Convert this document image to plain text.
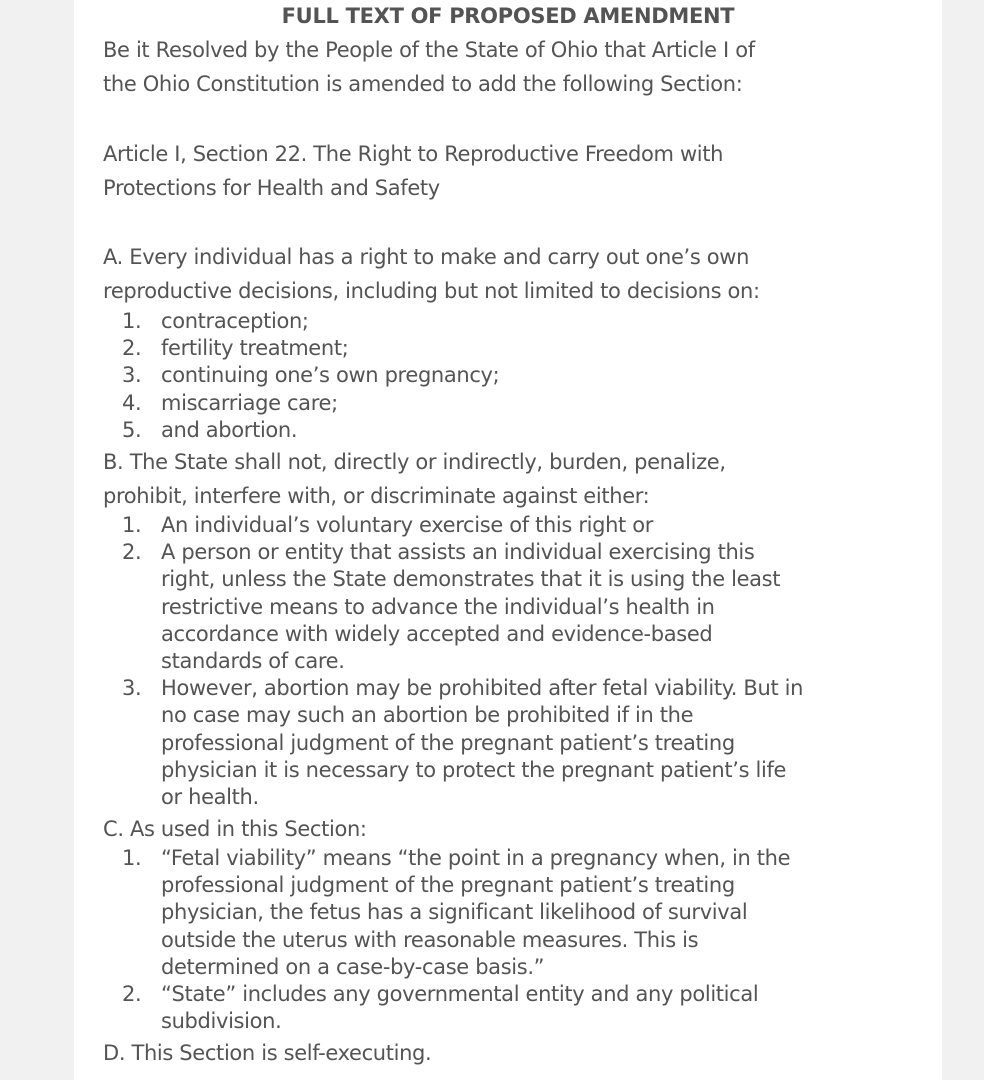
FULL TEXT OF PROPOSED AMENDMENT
Be it Resolved by the People of the State of Ohio that Article I of
the Ohio Constitution is amended to add the following Section:
Article I, Section 22. The Right to Reproductive Freedom with
Protections for Health and Safety
A. Every individual has a right to make and carry out one’s own
reproductive decisions, including but not limited to decisions on:
1. contraception;
2. fertility treatment;
3. continuing one’s own pregnancy;
4. miscarriage care;
5. and abortion.
B. The State shall not, directly or indirectly, burden, penalize,
prohibit, interfere with, or discriminate against either:
1. An individual’s voluntary exercise of this right or
2. A person or entity that assists an individual exercising this
right, unless the State demonstrates that it is using the least
restrictive means to advance the individual’s health in
accordance with widely accepted and evidence-based
standards of care.
3. However, abortion may be prohibited after fetal viability. But in
no case may such an abortion be prohibited if in the
professional judgment of the pregnant patient’s treating
physician it is necessary to protect the pregnant patient’s life
or health.
C. As used in this Section:
1. “Fetal viability” means “the point in a pregnancy when, in the
professional judgment of the pregnant patient’s treating
physician, the fetus has a significant likelihood of survival
outside the uterus with reasonable measures. This is
determined on a case-by-case basis.”
2. “State” includes any governmental entity and any political
subdivision.
D. This Section is self-executing.
